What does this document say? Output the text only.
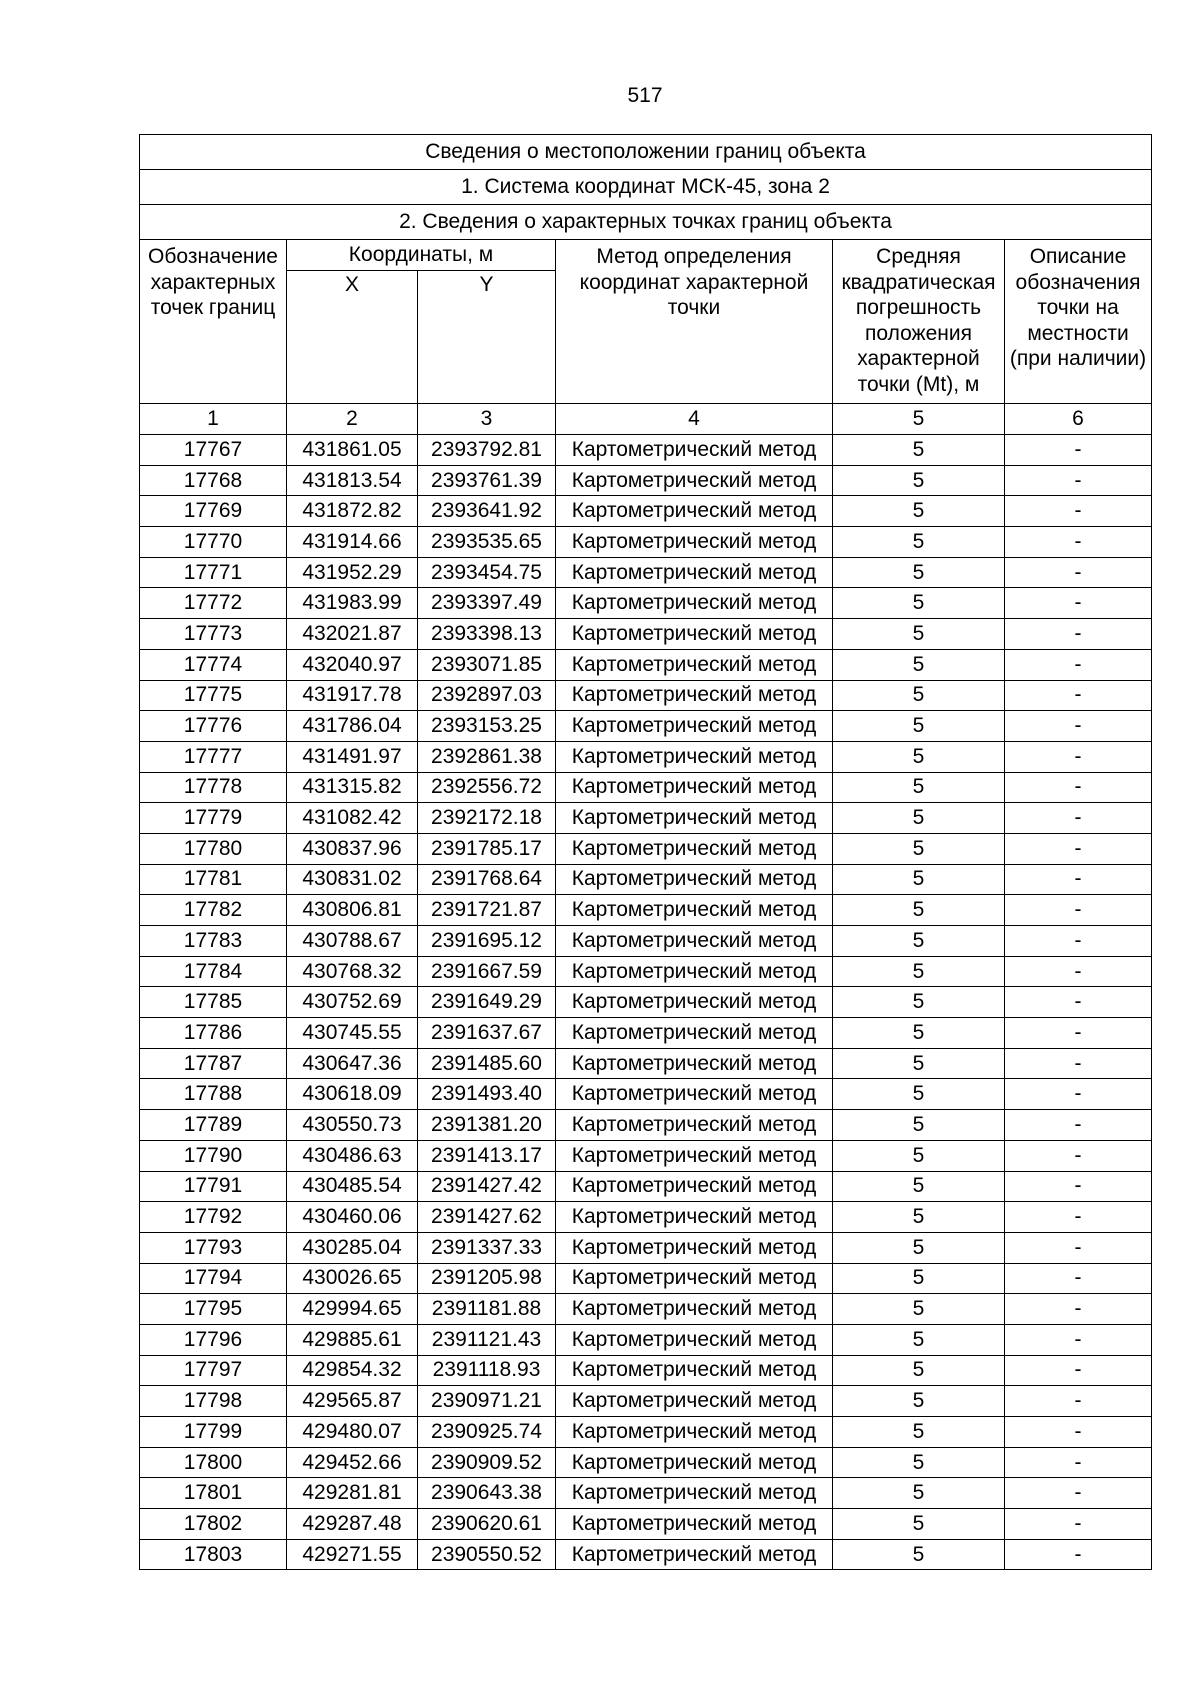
517
Сведения о местоположении границ объекта					
1. Система координат МСК-45, зона 2					
2. Сведения о характерных точках границ объекта					
Обозначение характерных точек границ	Координаты, м		Метод определения координат характерной точки	Средняя квадратическая погрешность положения характерной точки (Mt), м	Описание обозначения точки на местности (при наличии)
	X	Y			
1	2	3	4	5	6
17767	431861.05	2393792.81	Картометрический метод	5	-
17768	431813.54	2393761.39	Картометрический метод	5	-
17769	431872.82	2393641.92	Картометрический метод	5	-
17770	431914.66	2393535.65	Картометрический метод	5	-
17771	431952.29	2393454.75	Картометрический метод	5	-
17772	431983.99	2393397.49	Картометрический метод	5	-
17773	432021.87	2393398.13	Картометрический метод	5	-
17774	432040.97	2393071.85	Картометрический метод	5	-
17775	431917.78	2392897.03	Картометрический метод	5	-
17776	431786.04	2393153.25	Картометрический метод	5	-
17777	431491.97	2392861.38	Картометрический метод	5	-
17778	431315.82	2392556.72	Картометрический метод	5	-
17779	431082.42	2392172.18	Картометрический метод	5	-
17780	430837.96	2391785.17	Картометрический метод	5	-
17781	430831.02	2391768.64	Картометрический метод	5	-
17782	430806.81	2391721.87	Картометрический метод	5	-
17783	430788.67	2391695.12	Картометрический метод	5	-
17784	430768.32	2391667.59	Картометрический метод	5	-
17785	430752.69	2391649.29	Картометрический метод	5	-
17786	430745.55	2391637.67	Картометрический метод	5	-
17787	430647.36	2391485.60	Картометрический метод	5	-
17788	430618.09	2391493.40	Картометрический метод	5	-
17789	430550.73	2391381.20	Картометрический метод	5	-
17790	430486.63	2391413.17	Картометрический метод	5	-
17791	430485.54	2391427.42	Картометрический метод	5	-
17792	430460.06	2391427.62	Картометрический метод	5	-
17793	430285.04	2391337.33	Картометрический метод	5	-
17794	430026.65	2391205.98	Картометрический метод	5	-
17795	429994.65	2391181.88	Картометрический метод	5	-
17796	429885.61	2391121.43	Картометрический метод	5	-
17797	429854.32	2391118.93	Картометрический метод	5	-
17798	429565.87	2390971.21	Картометрический метод	5	-
17799	429480.07	2390925.74	Картометрический метод	5	-
17800	429452.66	2390909.52	Картометрический метод	5	-
17801	429281.81	2390643.38	Картометрический метод	5	-
17802	429287.48	2390620.61	Картометрический метод	5	-
17803	429271.55	2390550.52	Картометрический метод	5	-
